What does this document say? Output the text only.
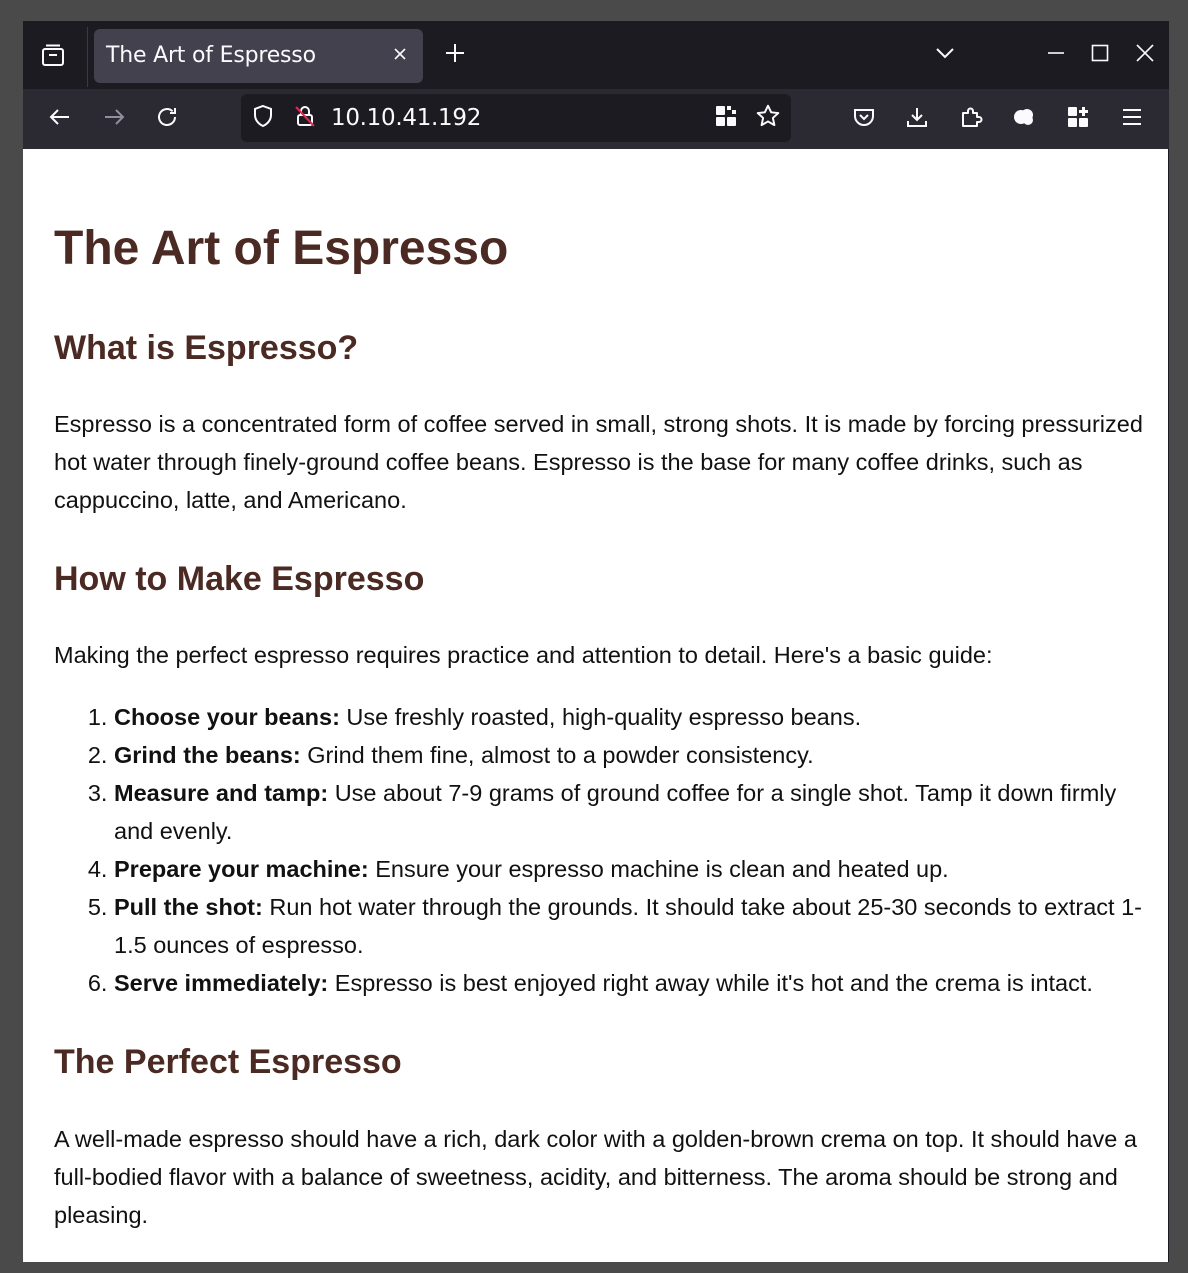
The Art of Espresso
10.10.41.192
The Art of Espresso
What is Espresso?

Espresso is a concentrated form of coffee served in small, strong shots. It is made by forcing pressurized hot water through finely-ground coffee beans. Espresso is the base for many coffee drinks, such as cappuccino, latte, and Americano.

How to Make Espresso

Making the perfect espresso requires practice and attention to detail. Here's a basic guide:

1. Choose your beans: Use freshly roasted, high-quality espresso beans.
2. Grind the beans: Grind them fine, almost to a powder consistency.
3. Measure and tamp: Use about 7-9 grams of ground coffee for a single shot. Tamp it down firmly and evenly.
4. Prepare your machine: Ensure your espresso machine is clean and heated up.
5. Pull the shot: Run hot water through the grounds. It should take about 25-30 seconds to extract 1-1.5 ounces of espresso.
6. Serve immediately: Espresso is best enjoyed right away while it's hot and the crema is intact.
The Perfect Espresso

A well-made espresso should have a rich, dark color with a golden-brown crema on top. It should have a full-bodied flavor with a balance of sweetness, acidity, and bitterness. The aroma should be strong and pleasing.
